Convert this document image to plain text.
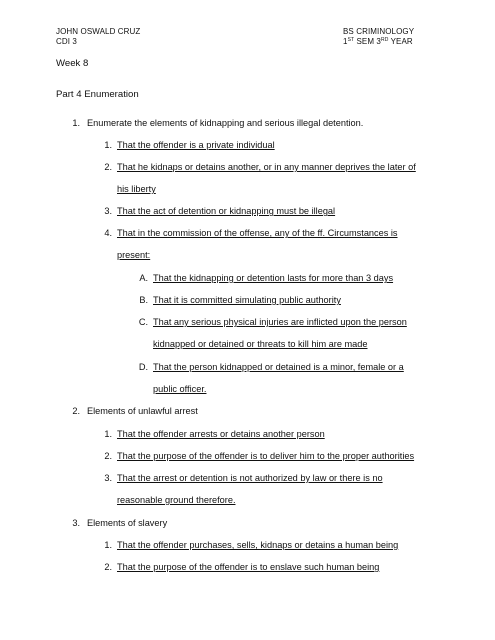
JOHN OSWALD CRUZ
CDI 3
BS CRIMINOLOGY
1ST SEM 3RD YEAR
Week 8
Part 4 Enumeration
1. Enumerate the elements of kidnapping and serious illegal detention.
1. That the offender is a private individual
2. That he kidnaps or detains another, or in any manner deprives the later of
his liberty
3. That the act of detention or kidnapping must be illegal
4. That in the commission of the offense, any of the ff. Circumstances is
present:
A. That the kidnapping or detention lasts for more than 3 days
B. That it is committed simulating public authority
C. That any serious physical injuries are inflicted upon the person
kidnapped or detained or threats to kill him are made
D. That the person kidnapped or detained is a minor, female or a
public officer.
2. Elements of unlawful arrest
1. That the offender arrests or detains another person
2. That the purpose of the offender is to deliver him to the proper authorities
3. That the arrest or detention is not authorized by law or there is no
reasonable ground therefore.
3. Elements of slavery
1. That the offender purchases, sells, kidnaps or detains a human being
2. That the purpose of the offender is to enslave such human being
